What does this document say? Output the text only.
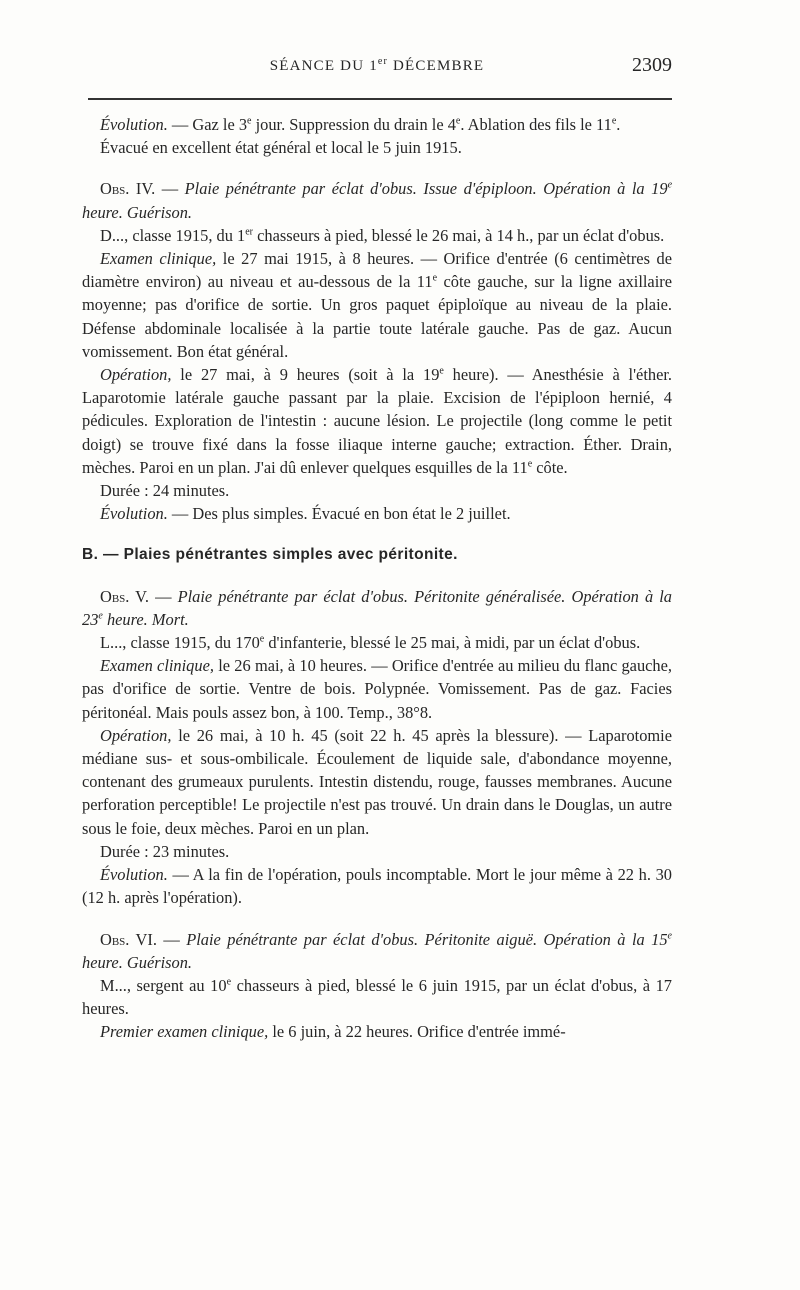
SÉANCE DU 1er DÉCEMBRE	2309

Évolution. — Gaz le 3e jour. Suppression du drain le 4e. Ablation des fils le 11e.

Évacué en excellent état général et local le 5 juin 1915.

Obs. IV. — Plaie pénétrante par éclat d'obus. Issue d'épiploon. Opération à la 19e heure. Guérison.

D..., classe 1915, du 1er chasseurs à pied, blessé le 26 mai, à 14 h., par un éclat d'obus.

Examen clinique, le 27 mai 1915, à 8 heures. — Orifice d'entrée (6 centimètres de diamètre environ) au niveau et au-dessous de la 11e côte gauche, sur la ligne axillaire moyenne; pas d'orifice de sortie. Un gros paquet épiploïque au niveau de la plaie. Défense abdominale localisée à la partie toute latérale gauche. Pas de gaz. Aucun vomissement. Bon état général.

Opération, le 27 mai, à 9 heures (soit à la 19e heure). — Anesthésie à l'éther. Laparotomie latérale gauche passant par la plaie. Excision de l'épiploon hernié, 4 pédicules. Exploration de l'intestin : aucune lésion. Le projectile (long comme le petit doigt) se trouve fixé dans la fosse iliaque interne gauche; extraction. Éther. Drain, mèches. Paroi en un plan. J'ai dû enlever quelques esquilles de la 11e côte.

Durée : 24 minutes.

Évolution. — Des plus simples. Évacué en bon état le 2 juillet.

B. — Plaies pénétrantes simples avec péritonite.

Obs. V. — Plaie pénétrante par éclat d'obus. Péritonite généralisée. Opération à la 23e heure. Mort.

L..., classe 1915, du 170e d'infanterie, blessé le 25 mai, à midi, par un éclat d'obus.

Examen clinique, le 26 mai, à 10 heures. — Orifice d'entrée au milieu du flanc gauche, pas d'orifice de sortie. Ventre de bois. Polypnée. Vomissement. Pas de gaz. Facies péritonéal. Mais pouls assez bon, à 100. Temp., 38°8.

Opération, le 26 mai, à 10 h. 45 (soit 22 h. 45 après la blessure). — Laparotomie médiane sus- et sous-ombilicale. Écoulement de liquide sale, d'abondance moyenne, contenant des grumeaux purulents. Intestin distendu, rouge, fausses membranes. Aucune perforation perceptible! Le projectile n'est pas trouvé. Un drain dans le Douglas, un autre sous le foie, deux mèches. Paroi en un plan.

Durée : 23 minutes.

Évolution. — A la fin de l'opération, pouls incomptable. Mort le jour même à 22 h. 30 (12 h. après l'opération).

Obs. VI. — Plaie pénétrante par éclat d'obus. Péritonite aiguë. Opération à la 15e heure. Guérison.

M..., sergent au 10e chasseurs à pied, blessé le 6 juin 1915, par un éclat d'obus, à 17 heures.

Premier examen clinique, le 6 juin, à 22 heures. Orifice d'entrée immé-
